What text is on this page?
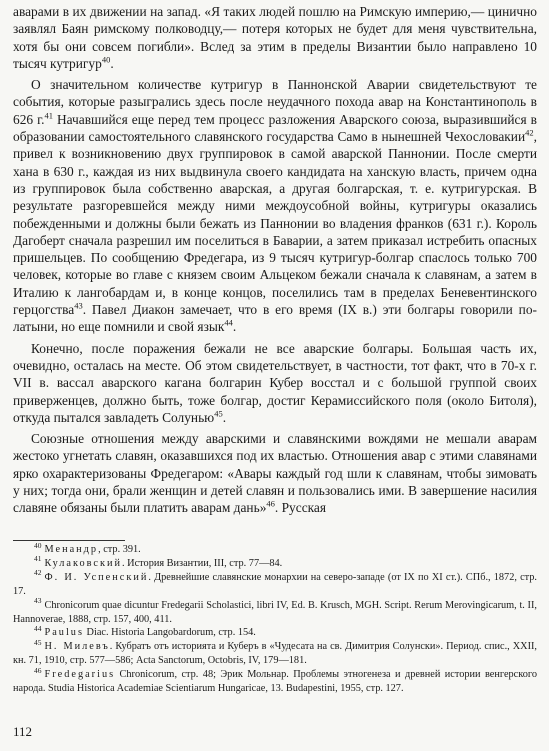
аварами в их движении на запад. «Я таких людей пошлю на Римскую империю,— цинично заявлял Баян римскому полководцу,— потеря которых не будет для меня чувствительна, хотя бы они совсем погибли». Вслед за этим в пределы Византии было направлено 10 тысяч кутригур$^{40}$.

О значительном количестве кутригур в Паннонской Аварии свидетельствуют те события, которые разыгрались здесь после неудачного похода авар на Константинополь в 626 г.$^{41}$ Начавшийся еще перед тем процесс разложения Аварского союза, выразившийся в образовании самостоятельного славянского государства Само в нынешней Чехословакии$^{42}$, привел к возникновению двух группировок в самой аварской Паннонии. После смерти хана в 630 г., каждая из них выдвинула своего кандидата на ханскую власть, причем одна из группировок была собственно аварская, а другая болгарская, т. е. кутригурская. В результате разгоревшейся между ними междоусобной войны, кутригуры оказались побежденными и должны были бежать из Паннонии во владения франков (631 г.). Король Дагоберт сначала разрешил им поселиться в Баварии, а затем приказал истребить опасных пришельцев. По сообщению Фредегара, из 9 тысяч кутригур-болгар спаслось только 700 человек, которые во главе с князем своим Альцеком бежали сначала к славянам, а затем в Италию к лангобардам и, в конце концов, поселились там в пределах Беневентинского герцогства$^{43}$. Павел Диакон замечает, что в его время (IX в.) эти болгары говорили по-латыни, но еще помнили и свой язык$^{44}$.

Конечно, после поражения бежали не все аварские болгары. Большая часть их, очевидно, осталась на месте. Об этом свидетельствует, в частности, тот факт, что в 70-х г. VII в. вассал аварского кагана болгарин Кубер восстал и с большой группой своих приверженцев, должно быть, тоже болгар, достиг Керамиссийского поля (около Битоля), откуда пытался завладеть Солунью$^{45}$.

Союзные отношения между аварскими и славянскими вождями не мешали аварам жестоко угнетать славян, оказавшихся под их властью. Отношения авар с этими славянами ярко охарактеризованы Фредегаром: «Авары каждый год шли к славянам, чтобы зимовать у них; тогда они, брали женщин и детей славян и пользовались ими. В завершение насилия славяне обязаны были платить аварам дань»$^{46}$. Русская

$^{40}$ Менандр, стр. 391.

$^{41}$ Кулаковский. История Византии, III, стр. 77—84.

$^{42}$ Ф. И. Успенский. Древнейшие славянские монархии на северо-западе (от IX по XI ст.). СПб., 1872, стр. 17.

$^{43}$ Chronicorum quae dicuntur Fredegarii Scholastici, libri IV, Ed. B. Krusch, MGH. Script. Rerum Merovingicarum, t. II, Hannoverae, 1888, стр. 157, 400, 411.

$^{44}$ Paulus Diac. Historia Langobardorum, стр. 154.

$^{45}$ Н. Милевъ. Кубратъ отъ историята и Куберъ в «Чудесата на св. Димитрия Солунски». Период. спис., XXII, кн. 71, 1910, стр. 577—586; Acta Sanctorum, Octobris, IV, 179—181.

$^{46}$ Fredegarius Chronicorum, стр. 48; Эрик Мольнар. Проблемы этногенеза и древней истории венгерского народа. Studia Historica Academiae Scientiarum Hungaricae, 13. Budapestini, 1955, стр. 127.

112
